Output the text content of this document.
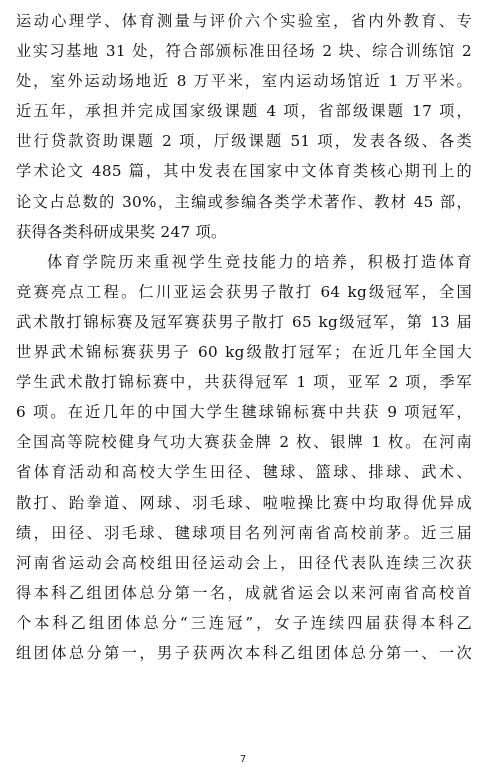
运动心理学、体育测量与评价六个实验室，省内外教育、专
业实习基地 31 处，符合部颁标准田径场 2 块、综合训练馆 2
处，室外运动场地近 8 万平米，室内运动场馆近 1 万平米。
近五年，承担并完成国家级课题 4 项，省部级课题 17 项，
世行贷款资助课题 2 项，厅级课题 51 项，发表各级、各类
学术论文 485 篇，其中发表在国家中文体育类核心期刊上的
论文占总数的 30%，主编或参编各类学术著作、教材 45 部，
获得各类科研成果奖 247 项。
体育学院历来重视学生竞技能力的培养，积极打造体育
竞赛亮点工程。仁川亚运会获男子散打 64 kg级冠军，全国
武术散打锦标赛及冠军赛获男子散打 65 kg级冠军，第 13 届
世界武术锦标赛获男子 60 kg级散打冠军；在近几年全国大
学生武术散打锦标赛中，共获得冠军 1 项，亚军 2 项，季军
6 项。在近几年的中国大学生毽球锦标赛中共获 9 项冠军，
全国高等院校健身气功大赛获金牌 2 枚、银牌 1 枚。在河南
省体育活动和高校大学生田径、毽球、篮球、排球、武术、
散打、跆拳道、网球、羽毛球、啦啦操比赛中均取得优异成
绩，田径、羽毛球、毽球项目名列河南省高校前茅。近三届
河南省运动会高校组田径运动会上，田径代表队连续三次获
得本科乙组团体总分第一名，成就省运会以来河南省高校首
个本科乙组团体总分“三连冠”，女子连续四届获得本科乙
组团体总分第一，男子获两次本科乙组团体总分第一、一次
7
